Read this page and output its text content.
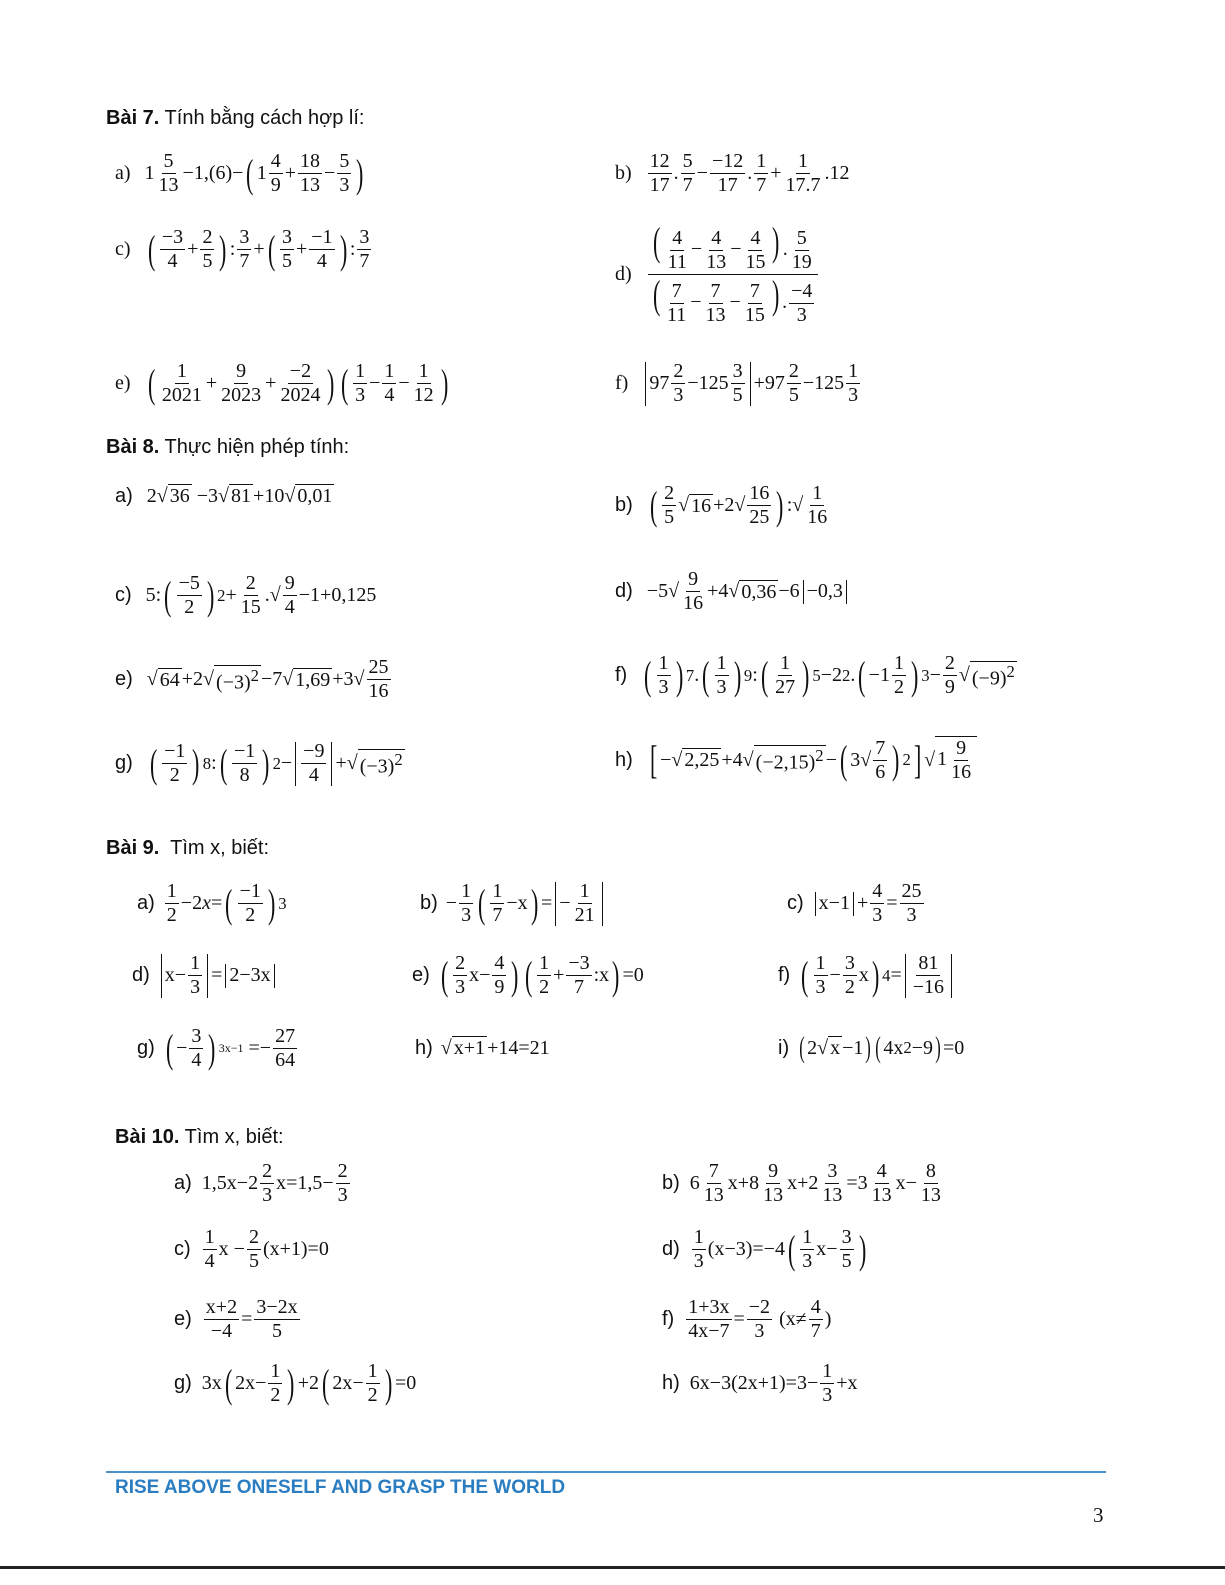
Bài 7. Tính bằng cách hợp lí:
a) 1
5
13
−1,(6)− ( 1
4
9
+
18
13
−
5
3 )	b)
12
17
.
5
7
−
−12
17
.
1
7
+
1
17.7
.12
c) ( −3
4
+
2
5 ) :
3
7
+ ( 3
5
+
−1
4 ) :
3
7
d)
( $\frac{4}{11} - \frac{4}{13} - \frac{4}{15}$ ) . $\frac{5}{19}$
( $\frac{7}{11} - \frac{7}{13} - \frac{7}{15}$ ) . $\frac{-4}{3}$
e) ( 1
2021
+
9
2023
+
−2
2024 ) ( 1
3
−
1
4
−
1
12 )	f)	97
2
3
−125
3
5
+97
2
5
−125
1
3
Bài 8. Thực hiện phép tính:
a) 2√ 36 −3√ 81 +10√ 0,01	b) ( 2
5
√ 16 +2√
16
25 ) :√
1
16
c) 5: ( −5
2 ) 2 +
2
15
.√
9
4
−1+0,125	d) −5√
9
16
+4√ 0,36 −6 −0,3
e) √ 64 +2√ $(-3)^2 -7√$ 1,69 +3√
25
16
f) ( 1
3 ) 7 . ( 1
3 ) 9 : ( 1
27 ) 5 −2 2 . ( −1
1
2 ) 3 −
2
9
√ $(-9)^2$
g) ( −1
2 ) 8 : ( −1
8 ) 2 −
−9
4
+√ $(-3)^2$	h) [ −√ 2,25 +4√ $(-2,15)^2$ − ( 3√
7
6 ) 2 ] √ $1 \frac{9}{16}$
Bài 9.  Tìm x, biết:
a)
1
2
−2 x = ( −1
2 ) 3	b) −
1
3 ( 1
7
−x ) = −
1
21
c) x−1 +
4
3
=
25
3
d) x−
1
3
= 2−3x	e) ( 2
3
x−
4
9 ) ( 1
2
+
−3
7
:x ) =0	f) ( 1
3
−
3
2
x ) 4 =
81
−16
g) ( −
3
4 ) 3x−1 =−
27
64
h) √ x+1 +14=21	i) ( 2√ x −1 ) ( 4x 2 −9 ) =0
Bài 10. Tìm x, biết:
a) 1,5x−2
2
3
x=1,5−
2
3
b) 6
7
13
x+8
9
13
x+2
3
13
=3
4
13
x−
8
13
c)
1
4
x −
2
5
(x+1)=0	d)
1
3
(x−3)=−4 ( 1
3
x−
3
5 )
e)
x+2
−4
=
3−2x
5
f)
1+3x
4x−7
=
−2
3
(x≠
4
7
)
g) 3x ( 2x−
1
2 ) +2 ( 2x−
1
2 ) =0	h) 6x−3(2x+1)=3−
1
3
+x
RISE ABOVE ONESELF AND GRASP THE WORLD
3
